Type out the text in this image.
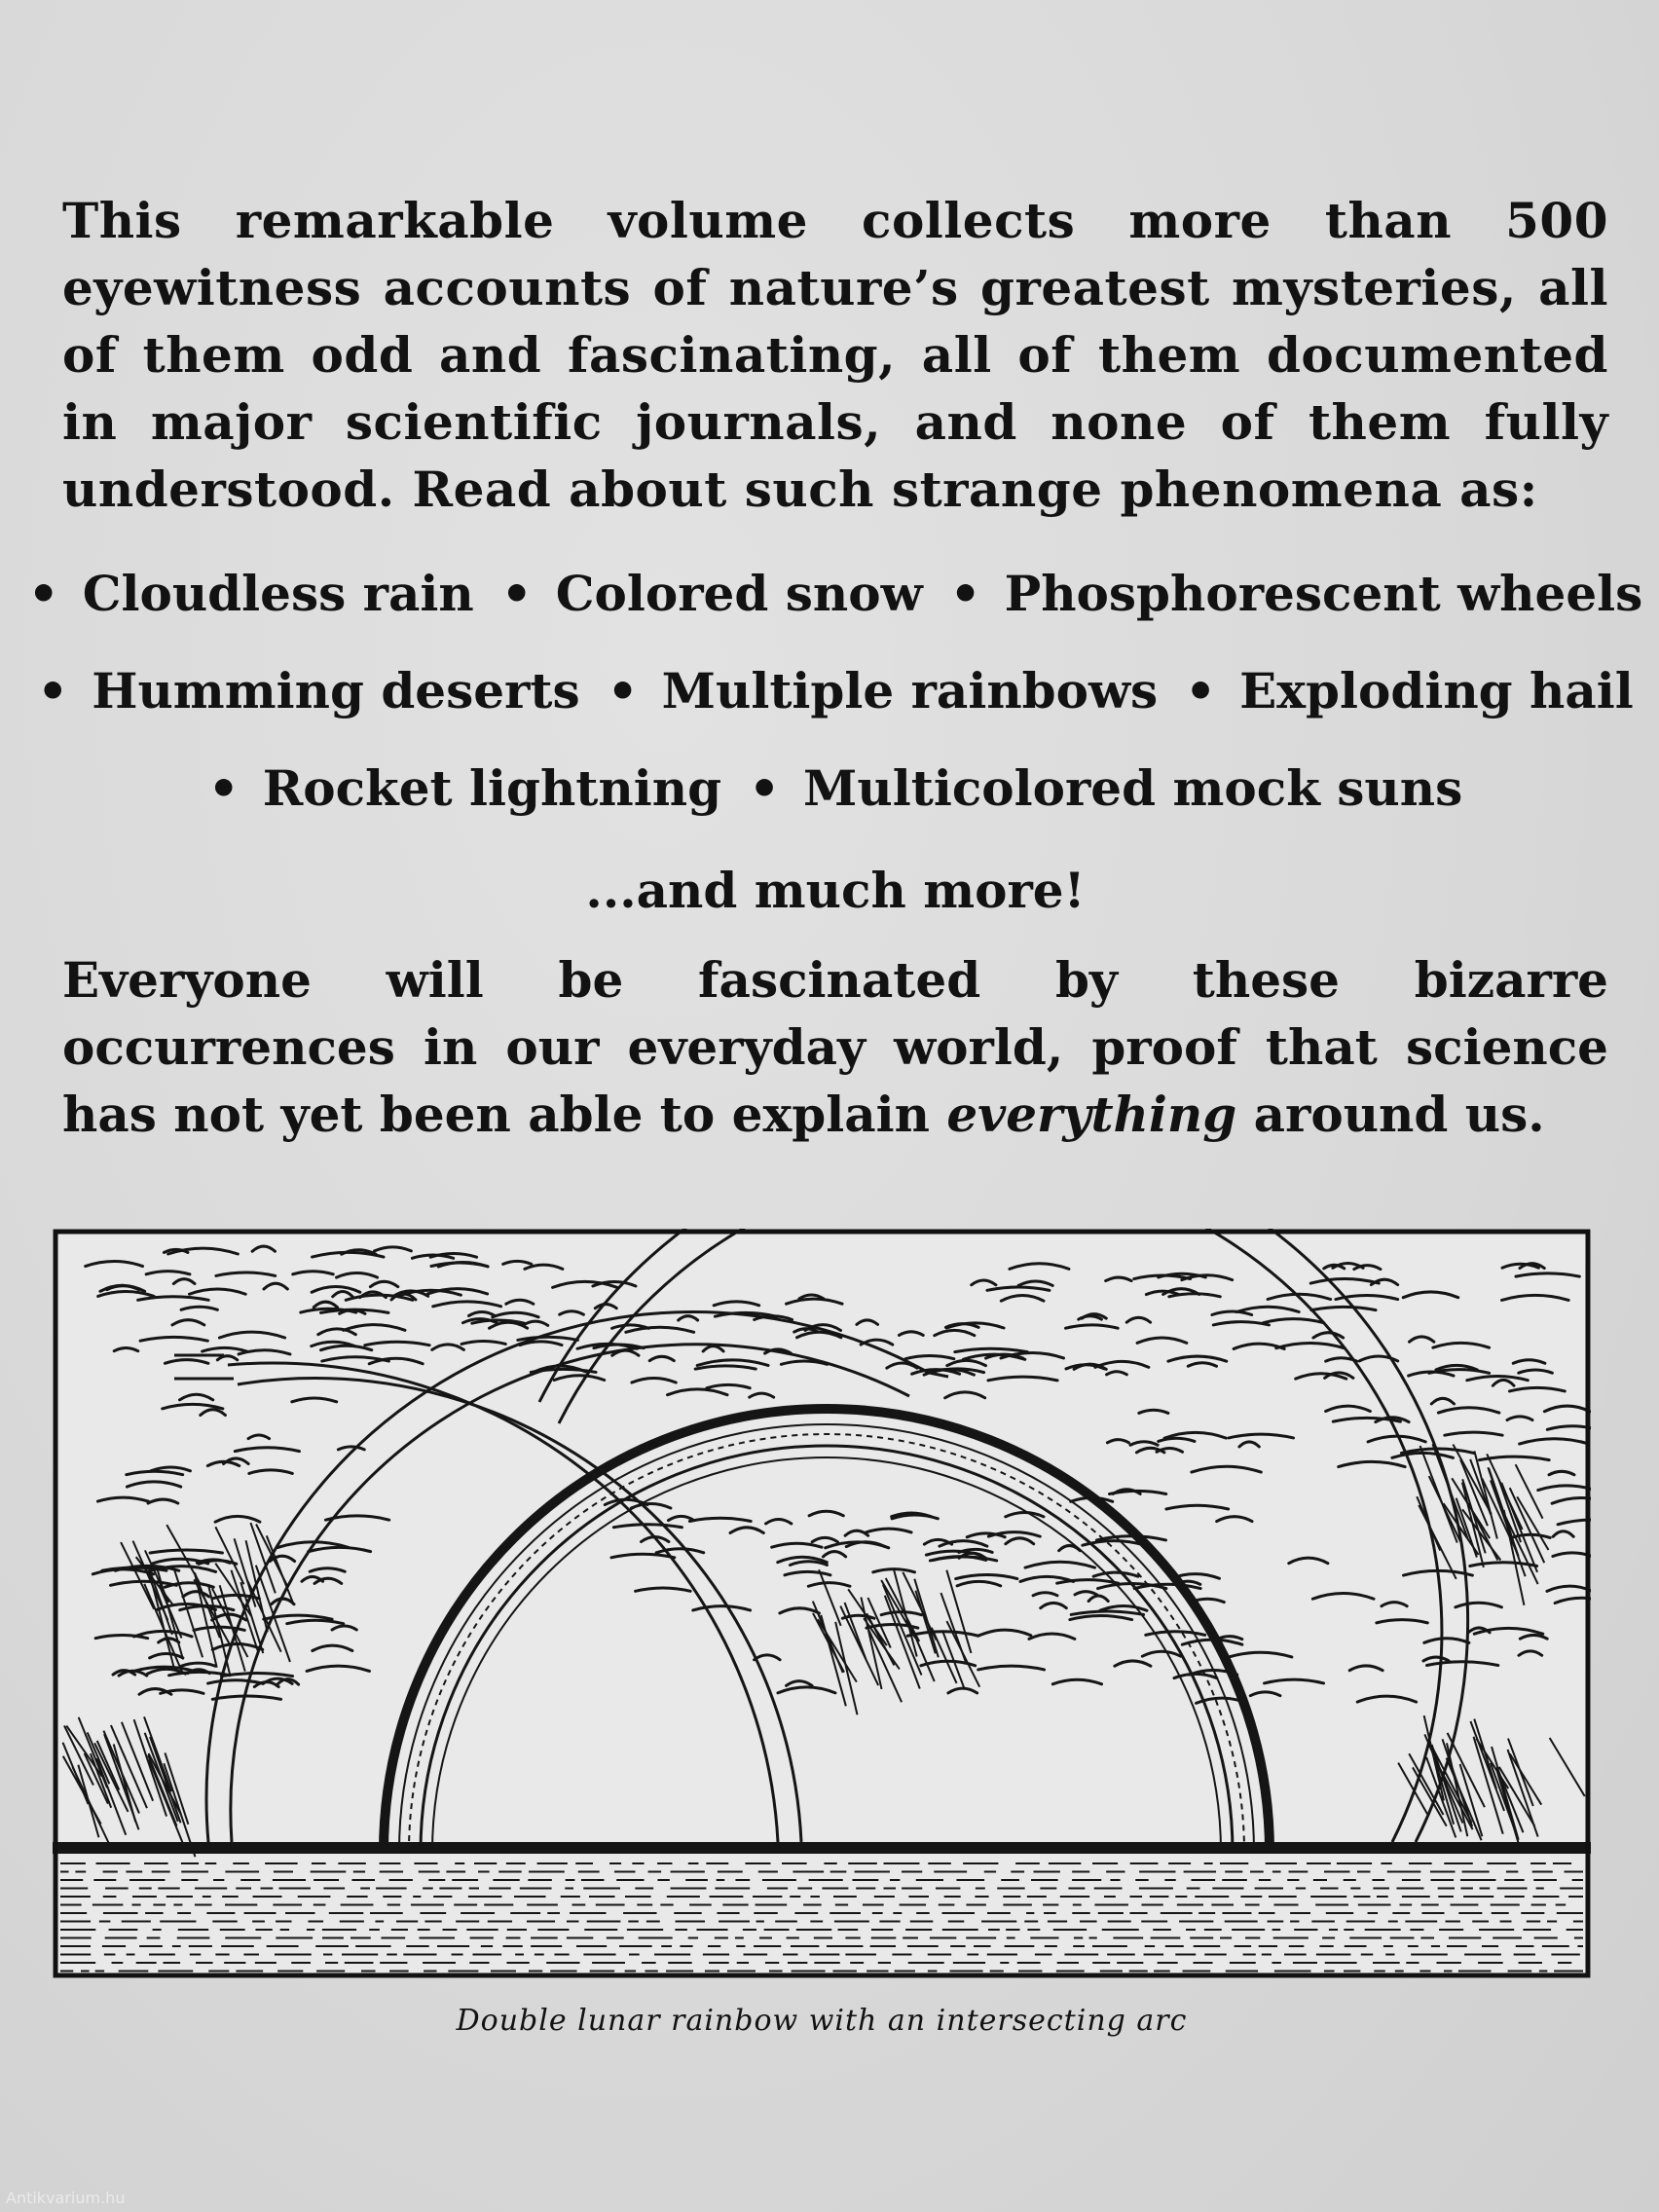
This remarkable volume collects more than 500 eyewitness accounts of nature’s greatest mysteries, all of them odd and fascinating, all of them documented in major scientific journals, and none of them fully understood. Read about such strange phenomena as:

• Cloudless rain • Colored snow • Phosphorescent wheels
• Humming deserts • Multiple rainbows • Exploding hail
• Rocket lightning • Multicolored mock suns
...and much more!

Everyone will be fascinated by these bizarre occurrences in our everyday world, proof that science has not yet been able to explain everything around us.

Double lunar rainbow with an intersecting arc
Antikvarium.hu
